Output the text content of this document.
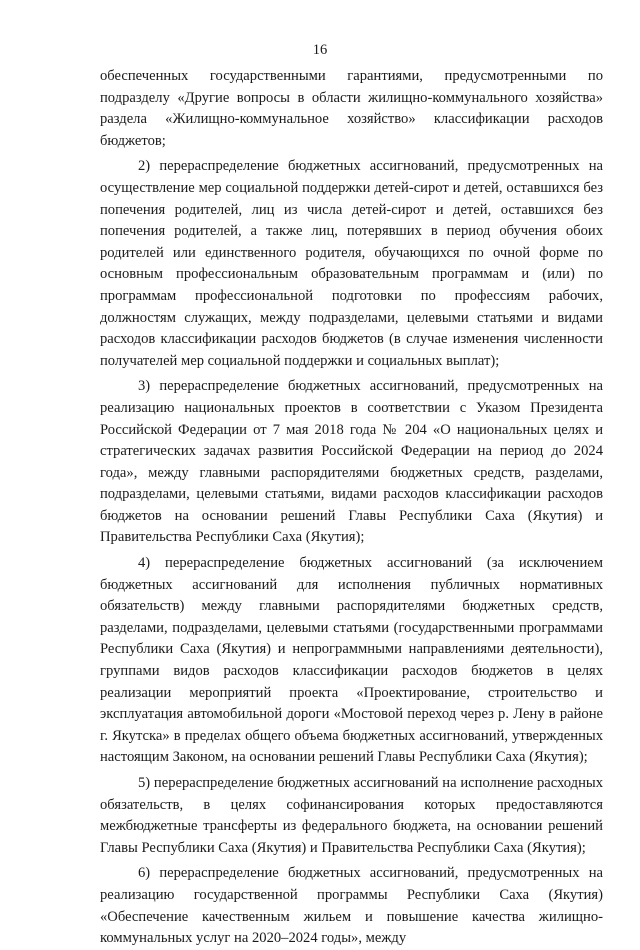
16

обеспеченных государственными гарантиями, предусмотренными по подразделу «Другие вопросы в области жилищно-коммунального хозяйства» раздела «Жилищно-коммунальное хозяйство» классификации расходов бюджетов;

2) перераспределение бюджетных ассигнований, предусмотренных на осуществление мер социальной поддержки детей-сирот и детей, оставшихся без попечения родителей, лиц из числа детей-сирот и детей, оставшихся без попечения родителей, а также лиц, потерявших в период обучения обоих родителей или единственного родителя, обучающихся по очной форме по основным профессиональным образовательным программам и (или) по программам профессиональной подготовки по профессиям рабочих, должностям служащих, между подразделами, целевыми статьями и видами расходов классификации расходов бюджетов (в случае изменения численности получателей мер социальной поддержки и социальных выплат);

3) перераспределение бюджетных ассигнований, предусмотренных на реализацию национальных проектов в соответствии с Указом Президента Российской Федерации от 7 мая 2018 года № 204 «О национальных целях и стратегических задачах развития Российской Федерации на период до 2024 года», между главными распорядителями бюджетных средств, разделами, подразделами, целевыми статьями, видами расходов классификации расходов бюджетов на основании решений Главы Республики Саха (Якутия) и Правительства Республики Саха (Якутия);

4) перераспределение бюджетных ассигнований (за исключением бюджетных ассигнований для исполнения публичных нормативных обязательств) между главными распорядителями бюджетных средств, разделами, подразделами, целевыми статьями (государственными программами Республики Саха (Якутия) и непрограммными направлениями деятельности), группами видов расходов классификации расходов бюджетов в целях реализации мероприятий проекта «Проектирование, строительство и эксплуатация автомобильной дороги «Мостовой переход через р. Лену в районе г. Якутска» в пределах общего объема бюджетных ассигнований, утвержденных настоящим Законом, на основании решений Главы Республики Саха (Якутия);

5) перераспределение бюджетных ассигнований на исполнение расходных обязательств, в целях софинансирования которых предоставляются межбюджетные трансферты из федерального бюджета, на основании решений Главы Республики Саха (Якутия) и Правительства Республики Саха (Якутия);

6) перераспределение бюджетных ассигнований, предусмотренных на реализацию государственной программы Республики Саха (Якутия) «Обеспечение качественным жильем и повышение качества жилищно-коммунальных услуг на 2020–2024 годы», между
